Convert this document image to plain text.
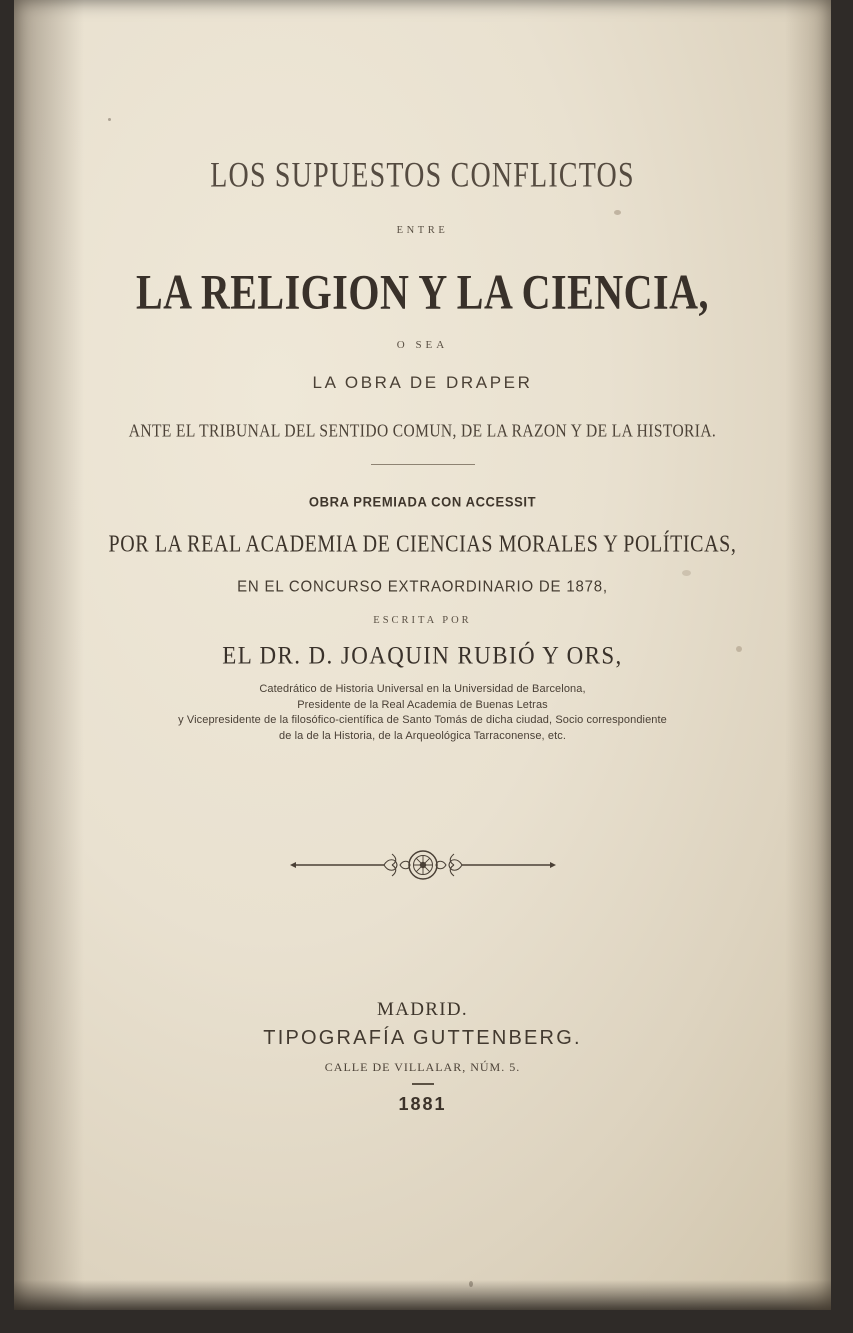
LOS SUPUESTOS CONFLICTOS
ENTRE
LA RELIGION Y LA CIENCIA,
O SEA
LA OBRA DE DRAPER
ANTE EL TRIBUNAL DEL SENTIDO COMUN, DE LA RAZON Y DE LA HISTORIA.
OBRA PREMIADA CON ACCESSIT
POR LA REAL ACADEMIA DE CIENCIAS MORALES Y POLÍTICAS,
EN EL CONCURSO EXTRAORDINARIO DE 1878,
ESCRITA POR
EL DR. D. JOAQUIN RUBIÓ Y ORS,
Catedrático de Historia Universal en la Universidad de Barcelona,
Presidente de la Real Academia de Buenas Letras
y Vicepresidente de la filosófico-científica de Santo Tomás de dicha ciudad, Socio correspondiente
de la de la Historia, de la Arqueológica Tarraconense, etc.
MADRID.
TIPOGRAFÍA GUTTENBERG.
CALLE DE VILLALAR, NÚM. 5.
1881
